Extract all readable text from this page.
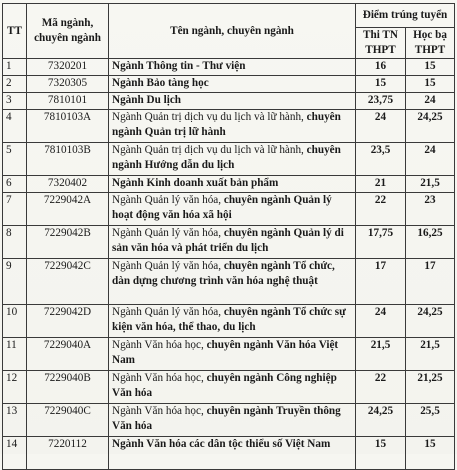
TT	Mã ngành, chuyên ngành	Tên ngành, chuyên ngành	Điểm trúng tuyển	
			Thi TN THPT	Học bạ THPT
1	7320201	Ngành Thông tin - Thư viện	16	15
2	7320305	Ngành Bảo tàng học	15	15
3	7810101	Ngành Du lịch	23,75	24
4	7810103A	Ngành Quản trị dịch vụ du lịch và lữ hành, chuyên ngành Quản trị lữ hành	24	24,25
5	7810103B	Ngành Quản trị dịch vụ du lịch và lữ hành, chuyên ngành Hướng dẫn du lịch	23,5	24
6	7320402	Ngành Kinh doanh xuất bản phẩm	21	21,5
7	7229042A	Ngành Quản lý văn hóa, chuyên ngành Quản lý hoạt động văn hóa xã hội	22	23
8	7229042B	Ngành Quản lý văn hóa, chuyên ngành Quản lý di sản văn hóa và phát triển du lịch	17,75	16,25
9	7229042C	Ngành Quản lý văn hóa, chuyên ngành Tổ chức, dàn dựng chương trình văn hóa nghệ thuật	17	17
10	7229042D	Ngành Quản lý văn hóa, chuyên ngành Tổ chức sự kiện văn hóa, thể thao, du lịch	24	24,25
11	7229040A	Ngành Văn hóa học, chuyên ngành Văn hóa Việt Nam	21,5	21,5
12	7229040B	Ngành Văn hóa học, chuyên ngành Công nghiệp Văn hóa	22	21,25
13	7229040C	Ngành Văn hóa học, chuyên ngành Truyền thông Văn hóa	24,25	25,5
14	7220112	Ngành Văn hóa các dân tộc thiểu số Việt Nam	15	15
